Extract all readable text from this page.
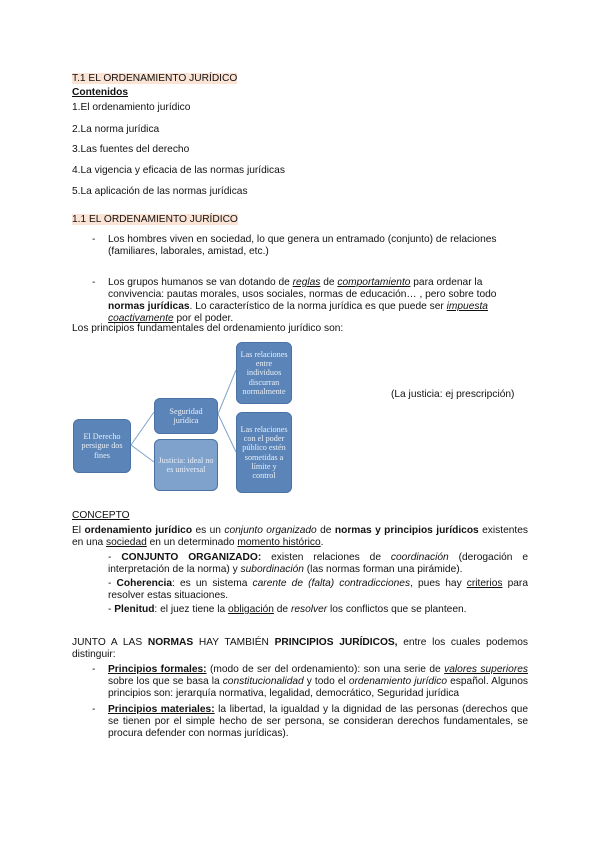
T.1 EL ORDENAMIENTO JURÍDICO
Contenidos
1.El ordenamiento jurídico
2.La norma jurídica
3.Las fuentes del derecho
4.La vigencia y eficacia de las normas jurídicas
5.La aplicación de las normas jurídicas
1.1 EL ORDENAMIENTO JURÍDICO
- Los hombres viven en sociedad, lo que genera un entramado (conjunto) de relaciones (familiares, laborales, amistad, etc.)
- Los grupos humanos se van dotando de reglas de comportamiento para ordenar la convivencia: pautas morales, usos sociales, normas de educación… , pero sobre todo normas jurídicas. Lo característico de la norma jurídica es que puede ser impuesta coactivamente por el poder.
Los principios fundamentales del ordenamiento jurídico son:
El Derecho persigue dos fines
Seguridad jurídica
Justicia: ideal no es universal
Las relaciones entre individuos discurran normalmente
Las relaciones con el poder público estén sometidas a límite y control
(La justicia: ej prescripción)
CONCEPTO
El ordenamiento jurídico es un conjunto organizado de normas y principios jurídicos existentes en una sociedad en un determinado momento histórico.
- CONJUNTO ORGANIZADO: existen relaciones de coordinación (derogación e interpretación de la norma) y subordinación (las normas forman una pirámide).
- Coherencia: es un sistema carente de (falta) contradicciones, pues hay criterios para resolver estas situaciones.
- Plenitud: el juez tiene la obligación de resolver los conflictos que se planteen.
JUNTO A LAS NORMAS HAY TAMBIÉN PRINCIPIOS JURÍDICOS, entre los cuales podemos distinguir:
- Principios formales: (modo de ser del ordenamiento): son una serie de valores superiores sobre los que se basa la constitucionalidad y todo el ordenamiento jurídico español. Algunos principios son: jerarquía normativa, legalidad, democrático, Seguridad jurídica
- Principios materiales: la libertad, la igualdad y la dignidad de las personas (derechos que se tienen por el simple hecho de ser persona, se consideran derechos fundamentales, se procura defender con normas jurídicas).
